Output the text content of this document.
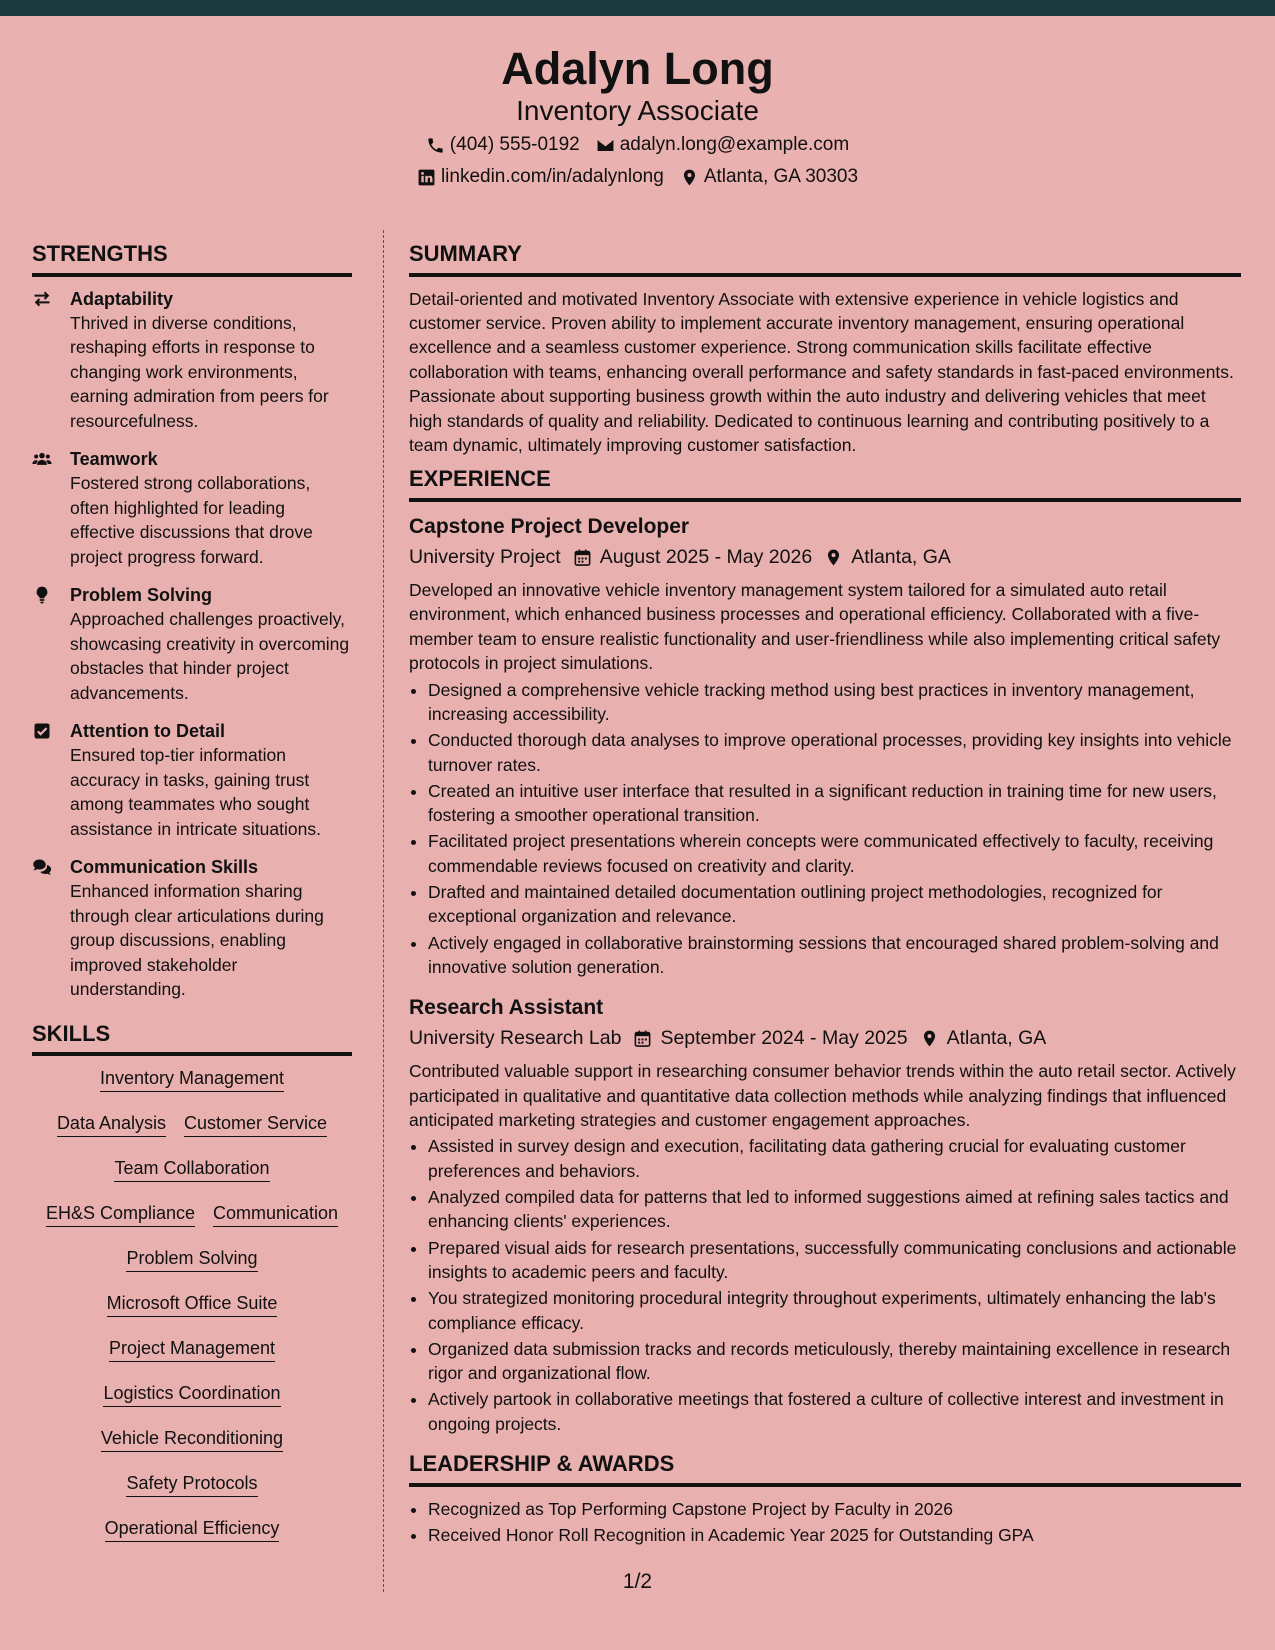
Adalyn Long
Inventory Associate
(404) 555-0192 adalyn.long@example.com
linkedin.com/in/adalynlong Atlanta, GA 30303
STRENGTHS
Adaptability
Thrived in diverse conditions, reshaping efforts in response to changing work environments, earning admiration from peers for resourcefulness.
Teamwork
Fostered strong collaborations, often highlighted for leading effective discussions that drove project progress forward.
Problem Solving
Approached challenges proactively, showcasing creativity in overcoming obstacles that hinder project advancements.
Attention to Detail
Ensured top-tier information accuracy in tasks, gaining trust among teammates who sought assistance in intricate situations.
Communication Skills
Enhanced information sharing through clear articulations during group discussions, enabling improved stakeholder understanding.
SKILLS
Inventory Management
Data Analysis Customer Service
Team Collaboration
EH&S Compliance Communication
Problem Solving
Microsoft Office Suite
Project Management
Logistics Coordination
Vehicle Reconditioning
Safety Protocols
Operational Efficiency
SUMMARY

Detail-oriented and motivated Inventory Associate with extensive experience in vehicle logistics and customer service. Proven ability to implement accurate inventory management, ensuring operational excellence and a seamless customer experience. Strong communication skills facilitate effective collaboration with teams, enhancing overall performance and safety standards in fast-paced environments. Passionate about supporting business growth within the auto industry and delivering vehicles that meet high standards of quality and reliability. Dedicated to continuous learning and contributing positively to a team dynamic, ultimately improving customer satisfaction.

EXPERIENCE
Capstone Project Developer
University Project August 2025 - May 2026 Atlanta, GA

Developed an innovative vehicle inventory management system tailored for a simulated auto retail environment, which enhanced business processes and operational efficiency. Collaborated with a five-member team to ensure realistic functionality and user-friendliness while also implementing critical safety protocols in project simulations.

• Designed a comprehensive vehicle tracking method using best practices in inventory management, increasing accessibility.
• Conducted thorough data analyses to improve operational processes, providing key insights into vehicle turnover rates.
• Created an intuitive user interface that resulted in a significant reduction in training time for new users, fostering a smoother operational transition.
• Facilitated project presentations wherein concepts were communicated effectively to faculty, receiving commendable reviews focused on creativity and clarity.
• Drafted and maintained detailed documentation outlining project methodologies, recognized for exceptional organization and relevance.
• Actively engaged in collaborative brainstorming sessions that encouraged shared problem-solving and innovative solution generation.
Research Assistant
University Research Lab September 2024 - May 2025 Atlanta, GA

Contributed valuable support in researching consumer behavior trends within the auto retail sector. Actively participated in qualitative and quantitative data collection methods while analyzing findings that influenced anticipated marketing strategies and customer engagement approaches.

• Assisted in survey design and execution, facilitating data gathering crucial for evaluating customer preferences and behaviors.
• Analyzed compiled data for patterns that led to informed suggestions aimed at refining sales tactics and enhancing clients' experiences.
• Prepared visual aids for research presentations, successfully communicating conclusions and actionable insights to academic peers and faculty.
• You strategized monitoring procedural integrity throughout experiments, ultimately enhancing the lab's compliance efficacy.
• Organized data submission tracks and records meticulously, thereby maintaining excellence in research rigor and organizational flow.
• Actively partook in collaborative meetings that fostered a culture of collective interest and investment in ongoing projects.
LEADERSHIP & AWARDS
• Recognized as Top Performing Capstone Project by Faculty in 2026
• Received Honor Roll Recognition in Academic Year 2025 for Outstanding GPA
1/2
